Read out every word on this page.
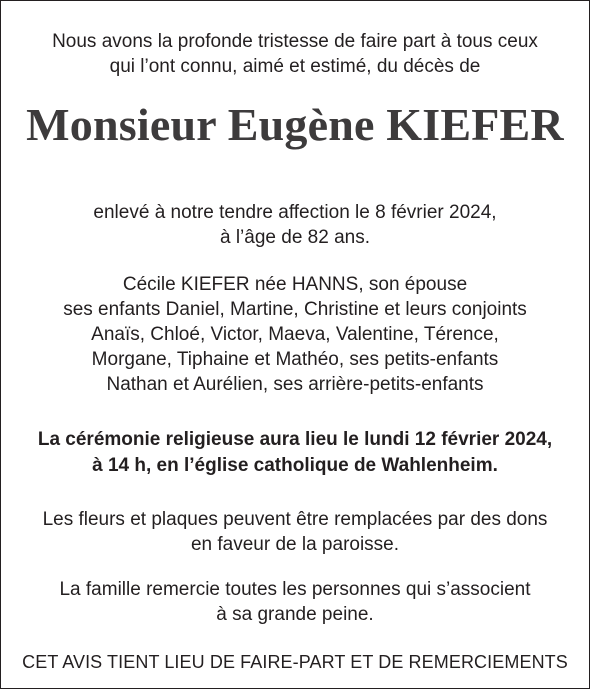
Nous avons la profonde tristesse de faire part à tous ceux
qui l’ont connu, aimé et estimé, du décès de
Monsieur Eugène KIEFER
enlevé à notre tendre affection le 8 février 2024,
à l’âge de 82 ans.
Cécile KIEFER née HANNS, son épouse
ses enfants Daniel, Martine, Christine et leurs conjoints
Anaïs, Chloé, Victor, Maeva, Valentine, Térence,
Morgane, Tiphaine et Mathéo, ses petits-enfants
Nathan et Aurélien, ses arrière-petits-enfants
La cérémonie religieuse aura lieu le lundi 12 février 2024,
à 14 h, en l’église catholique de Wahlenheim.
Les fleurs et plaques peuvent être remplacées par des dons
en faveur de la paroisse.
La famille remercie toutes les personnes qui s’associent
à sa grande peine.
CET AVIS TIENT LIEU DE FAIRE-PART ET DE REMERCIEMENTS
